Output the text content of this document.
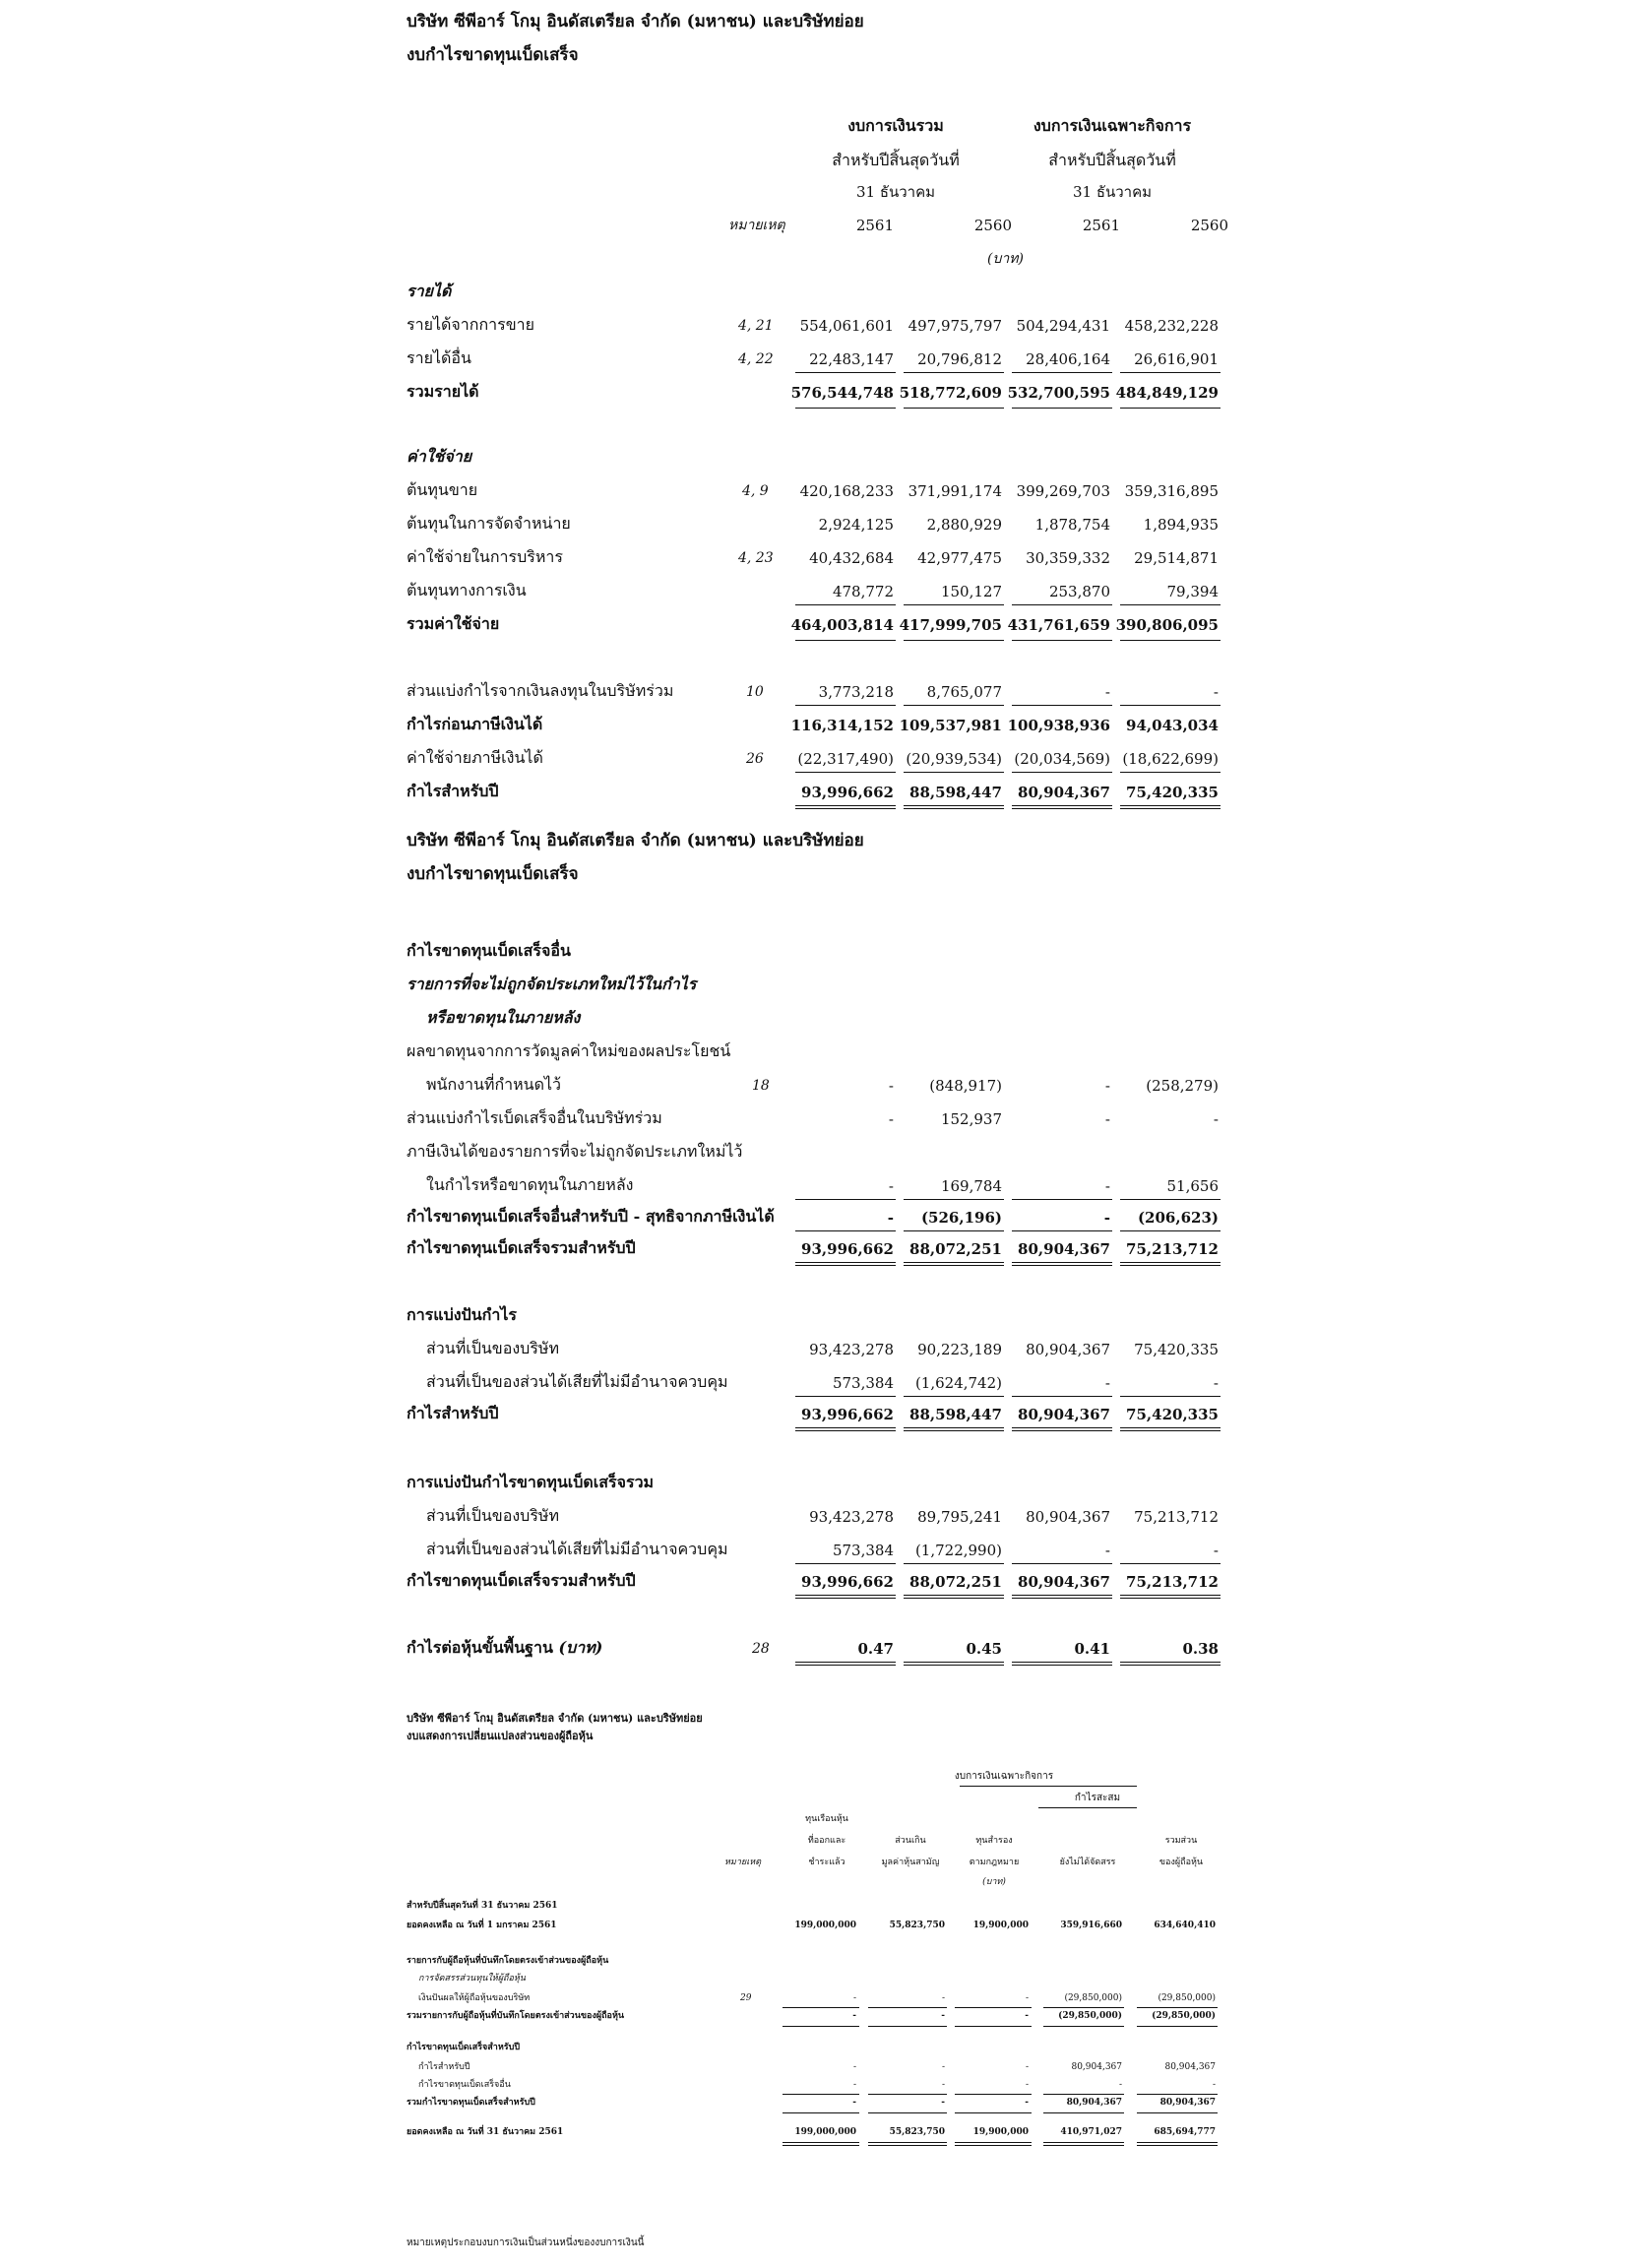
บริษัท ซีพีอาร์ โกมุ อินดัสเตรียล จำกัด (มหาชน) และบริษัทย่อย
งบกำไรขาดทุนเบ็ดเสร็จ
งบการเงินรวม	งบการเงินเฉพาะกิจการ
สำหรับปีสิ้นสุดวันที่	สำหรับปีสิ้นสุดวันที่
31 ธันวาคม	31 ธันวาคม
หมายเหตุ	2561	2560	2561	2560
(บาท)
รายได้
รายได้จากการขาย	4, 21	554,061,601 497,975,797 504,294,431 458,232,228
รายได้อื่น	4, 22	22,483,147	20,796,812	28,406,164	26,616,901
รวมรายได้	576,544,748 518,772,609 532,700,595 484,849,129
ค่าใช้จ่าย
ต้นทุนขาย	4, 9	420,168,233 371,991,174 399,269,703 359,316,895
ต้นทุนในการจัดจำหน่าย	2,924,125	2,880,929	1,878,754	1,894,935
ค่าใช้จ่ายในการบริหาร	4, 23	40,432,684	42,977,475	30,359,332	29,514,871
ต้นทุนทางการเงิน	478,772	150,127	253,870	79,394
รวมค่าใช้จ่าย	464,003,814 417,999,705 431,761,659 390,806,095
ส่วนแบ่งกำไรจากเงินลงทุนในบริษัทร่วม	10	3,773,218	8,765,077	-	-
กำไรก่อนภาษีเงินได้	116,314,152 109,537,981 100,938,936	94,043,034
ค่าใช้จ่ายภาษีเงินได้	26	(22,317,490) (20,939,534) (20,034,569) (18,622,699)
กำไรสำหรับปี	93,996,662	88,598,447	80,904,367	75,420,335
บริษัท ซีพีอาร์ โกมุ อินดัสเตรียล จำกัด (มหาชน) และบริษัทย่อย
งบกำไรขาดทุนเบ็ดเสร็จ
กำไรขาดทุนเบ็ดเสร็จอื่น
รายการที่จะไม่ถูกจัดประเภทใหม่ไว้ในกำไร
หรือขาดทุนในภายหลัง
ผลขาดทุนจากการวัดมูลค่าใหม่ของผลประโยชน์
พนักงานที่กำหนดไว้	18	-	(848,917)	-	(258,279)
ส่วนแบ่งกำไรเบ็ดเสร็จอื่นในบริษัทร่วม	-	152,937	-	-
ภาษีเงินได้ของรายการที่จะไม่ถูกจัดประเภทใหม่ไว้
ในกำไรหรือขาดทุนในภายหลัง	-	169,784	-	51,656
กำไรขาดทุนเบ็ดเสร็จอื่นสำหรับปี - สุทธิจากภาษีเงินได้	-	(526,196)	-	(206,623)
กำไรขาดทุนเบ็ดเสร็จรวมสำหรับปี	93,996,662	88,072,251	80,904,367	75,213,712
การแบ่งปันกำไร
ส่วนที่เป็นของบริษัท	93,423,278	90,223,189	80,904,367	75,420,335
ส่วนที่เป็นของส่วนได้เสียที่ไม่มีอำนาจควบคุม	573,384	(1,624,742)	-	-
กำไรสำหรับปี	93,996,662	88,598,447	80,904,367	75,420,335
การแบ่งปันกำไรขาดทุนเบ็ดเสร็จรวม
ส่วนที่เป็นของบริษัท	93,423,278	89,795,241	80,904,367	75,213,712
ส่วนที่เป็นของส่วนได้เสียที่ไม่มีอำนาจควบคุม	573,384	(1,722,990)	-	-
กำไรขาดทุนเบ็ดเสร็จรวมสำหรับปี	93,996,662	88,072,251	80,904,367	75,213,712
กำไรต่อหุ้นขั้นพื้นฐาน (บาท)	28	0.47	0.45	0.41	0.38
บริษัท ซีพีอาร์ โกมุ อินดัสเตรียล จำกัด (มหาชน) และบริษัทย่อย
งบแสดงการเปลี่ยนแปลงส่วนของผู้ถือหุ้น
งบการเงินเฉพาะกิจการ
กำไรสะสม
ทุนเรือนหุ้น
ที่ออกและ
ชำระแล้ว
ส่วนเกิน
มูลค่าหุ้นสามัญ
ทุนสำรอง
ตามกฎหมาย	ยังไม่ได้จัดสรร
รวมส่วน
ของผู้ถือหุ้น
หมายเหตุ
(บาท)
สำหรับปีสิ้นสุดวันที่ 31 ธันวาคม 2561
ยอดคงเหลือ ณ วันที่ 1 มกราคม 2561	199,000,000	55,823,750	19,900,000	359,916,660	634,640,410
รายการกับผู้ถือหุ้นที่บันทึกโดยตรงเข้าส่วนของผู้ถือหุ้น
การจัดสรรส่วนทุนให้ผู้ถือหุ้น
เงินปันผลให้ผู้ถือหุ้นของบริษัท	29	-	-	-	(29,850,000)	(29,850,000)
รวมรายการกับผู้ถือหุ้นที่บันทึกโดยตรงเข้าส่วนของผู้ถือหุ้น	-	-	-	(29,850,000)	(29,850,000)
กำไรขาดทุนเบ็ดเสร็จสำหรับปี
กำไรสำหรับปี	-	-	-	80,904,367	80,904,367
กำไรขาดทุนเบ็ดเสร็จอื่น	-	-	-	-	-
รวมกำไรขาดทุนเบ็ดเสร็จสำหรับปี	-	-	-	80,904,367	80,904,367
ยอดคงเหลือ ณ วันที่ 31 ธันวาคม 2561	199,000,000	55,823,750	19,900,000	410,971,027	685,694,777
หมายเหตุประกอบงบการเงินเป็นส่วนหนึ่งของงบการเงินนี้
